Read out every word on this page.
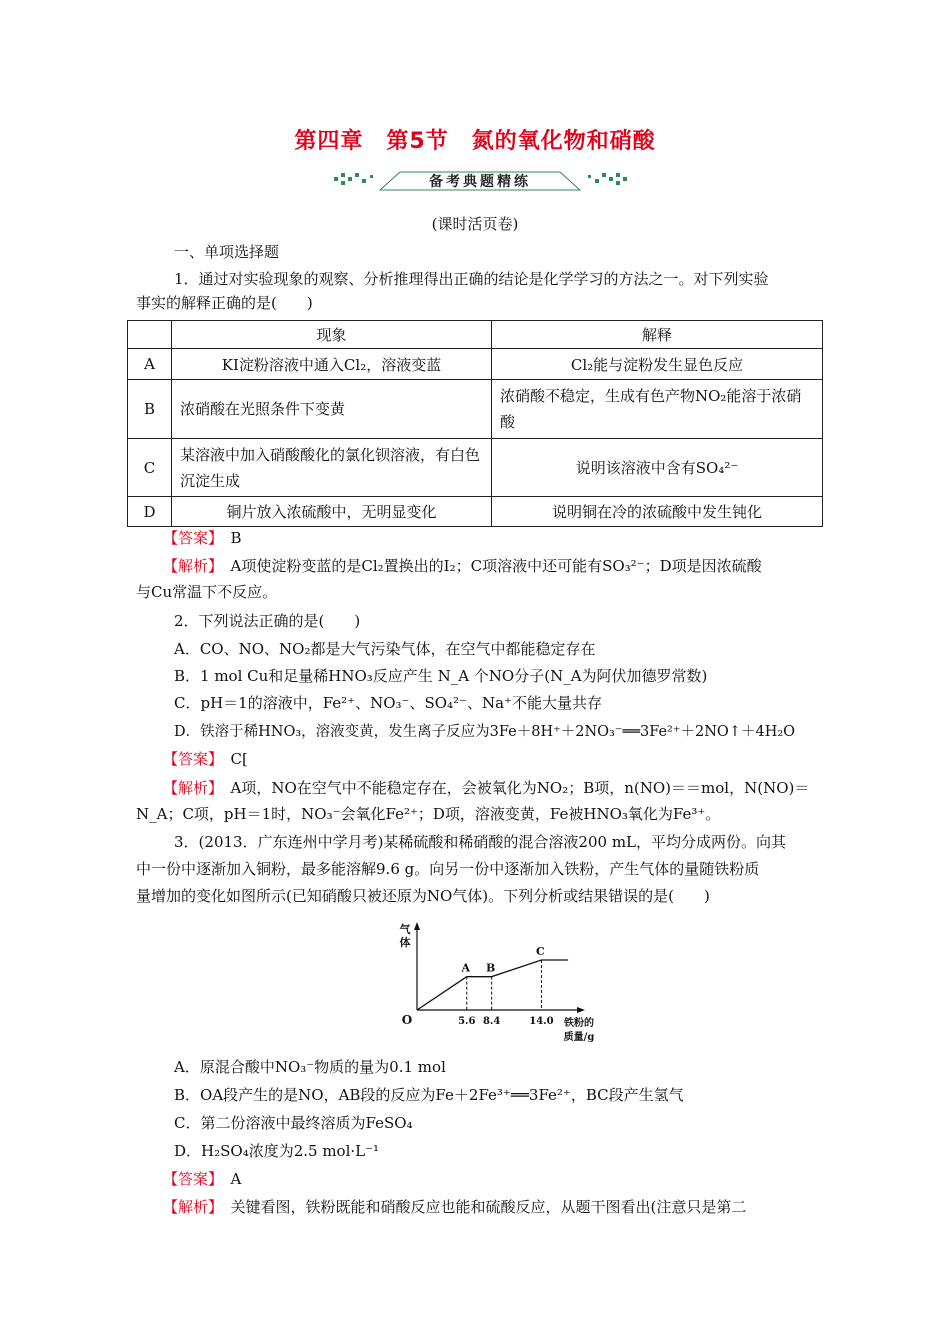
第四章　第5节　氮的氧化物和硝酸
备考典题精练
(课时活页卷)
一、单项选择题
1．通过对实验现象的观察、分析推理得出正确的结论是化学学习的方法之一。对下列实验
事实的解释正确的是(　　)
	现象	解释
A	KI淀粉溶液中通入Cl₂，溶液变蓝	Cl₂能与淀粉发生显色反应
B	浓硝酸在光照条件下变黄	浓硝酸不稳定，生成有色产物NO₂能溶于浓硝酸
C	某溶液中加入硝酸酸化的氯化钡溶液，有白色沉淀生成	说明该溶液中含有SO₄²⁻
D	铜片放入浓硫酸中，无明显变化	说明铜在冷的浓硫酸中发生钝化
【答案】　 B
【解析】　 A项使淀粉变蓝的是Cl₂置换出的I₂；C项溶液中还可能有SO₃²⁻；D项是因浓硫酸
与Cu常温下不反应。
2．下列说法正确的是(　　)
A．CO、NO、NO₂都是大气污染气体，在空气中都能稳定存在
B．1 mol Cu和足量稀HNO₃反应产生 N_A 个NO分子(N_A为阿伏加德罗常数)
C．pH＝1的溶液中，Fe²⁺、NO₃⁻、SO₄²⁻、Na⁺不能大量共存
D．铁溶于稀HNO₃，溶液变黄，发生离子反应为3Fe＋8H⁺＋2NO₃⁻══3Fe²⁺＋2NO↑＋4H₂O
【答案】　 C[
【解析】　 A项，NO在空气中不能稳定存在，会被氧化为NO₂；B项，n(NO)＝＝mol，N(NO)＝
N_A；C项，pH＝1时，NO₃⁻会氧化Fe²⁺；D项，溶液变黄，Fe被HNO₃氧化为Fe³⁺。
3．(2013．广东连州中学月考)某稀硫酸和稀硝酸的混合溶液200 mL，平均分成两份。向其
中一份中逐渐加入铜粉，最多能溶解9.6 g。向另一份中逐渐加入铁粉，产生气体的量随铁粉质
量增加的变化如图所示(已知硝酸只被还原为NO气体)。下列分析或结果错误的是(　　)
气
体
O
A
5.6
B
8.4
C
14.0 铁粉的
质量/g
A．原混合酸中NO₃⁻物质的量为0.1 mol
B．OA段产生的是NO，AB段的反应为Fe＋2Fe³⁺══3Fe²⁺，BC段产生氢气
C．第二份溶液中最终溶质为FeSO₄
D．H₂SO₄浓度为2.5 mol·L⁻¹
【答案】　 A
【解析】　 关键看图，铁粉既能和硝酸反应也能和硫酸反应，从题干图看出(注意只是第二
